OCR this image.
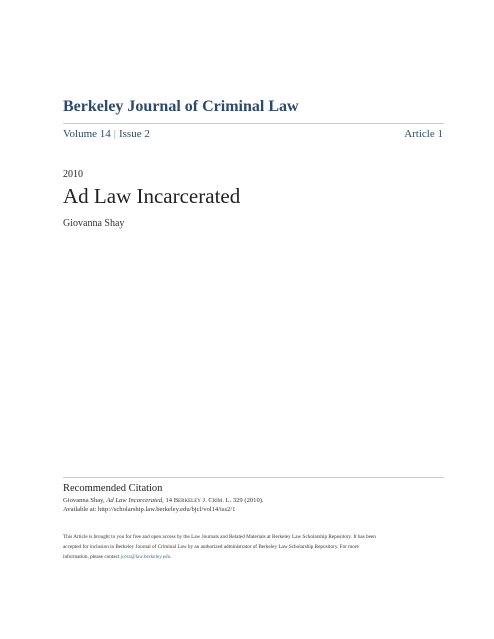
Berkeley Journal of Criminal Law
Volume 14 | Issue 2	Article 1
2010
Ad Law Incarcerated
Giovanna Shay
Recommended Citation
Giovanna Shay, Ad Law Incarcerated, 14 Berkeley J. Crim. L. 329 (2010).
Available at: http://scholarship.law.berkeley.edu/bjcl/vol14/iss2/1
This Article is brought to you for free and open access by the Law Journals and Related Materials at Berkeley Law Scholarship Repository. It has been
accepted for inclusion in Berkeley Journal of Criminal Law by an authorized administrator of Berkeley Law Scholarship Repository. For more
information, please contact jcera@law.berkeley.edu.
